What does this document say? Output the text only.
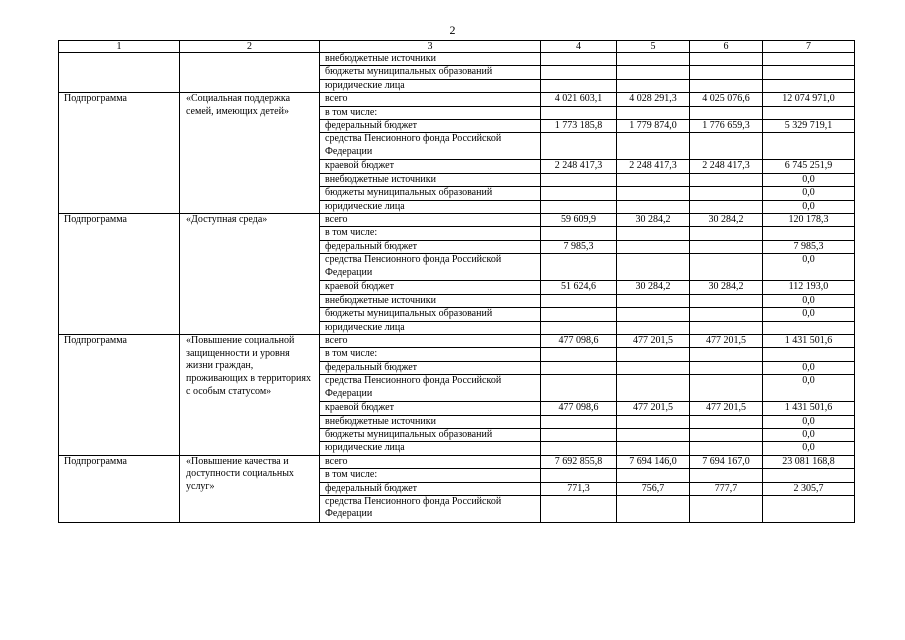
2
1	2	3	4	5	6	7
		внебюджетные источники				
		бюджеты муниципальных образований				
		юридические лица				
Подпрограмма	«Социальная поддержка семей, имеющих детей»	всего	4 021 603,1	4 028 291,3	4 025 076,6	12 074 971,0
		в том числе:				
		федеральный бюджет	1 773 185,8	1 779 874,0	1 776 659,3	5 329 719,1
		средства Пенсионного фонда Российской Федерации				
		краевой бюджет	2 248 417,3	2 248 417,3	2 248 417,3	6 745 251,9
		внебюджетные источники				0,0
		бюджеты муниципальных образований				0,0
		юридические лица				0,0
Подпрограмма	«Доступная среда»	всего	59 609,9	30 284,2	30 284,2	120 178,3
		в том числе:				
		федеральный бюджет	7 985,3			7 985,3
		средства Пенсионного фонда Российской Федерации				0,0
		краевой бюджет	51 624,6	30 284,2	30 284,2	112 193,0
		внебюджетные источники				0,0
		бюджеты муниципальных образований				0,0
		юридические лица				
Подпрограмма	«Повышение социальной защищенности и уровня жизни граждан, проживающих в территориях с особым статусом»	всего	477 098,6	477 201,5	477 201,5	1 431 501,6
		в том числе:				
		федеральный бюджет				0,0
		средства Пенсионного фонда Российской Федерации				0,0
		краевой бюджет	477 098,6	477 201,5	477 201,5	1 431 501,6
		внебюджетные источники				0,0
		бюджеты муниципальных образований				0,0
		юридические лица				0,0
Подпрограмма	«Повышение качества и доступности социальных услуг»	всего	7 692 855,8	7 694 146,0	7 694 167,0	23 081 168,8
		в том числе:				
		федеральный бюджет	771,3	756,7	777,7	2 305,7
		средства Пенсионного фонда Российской Федерации				
